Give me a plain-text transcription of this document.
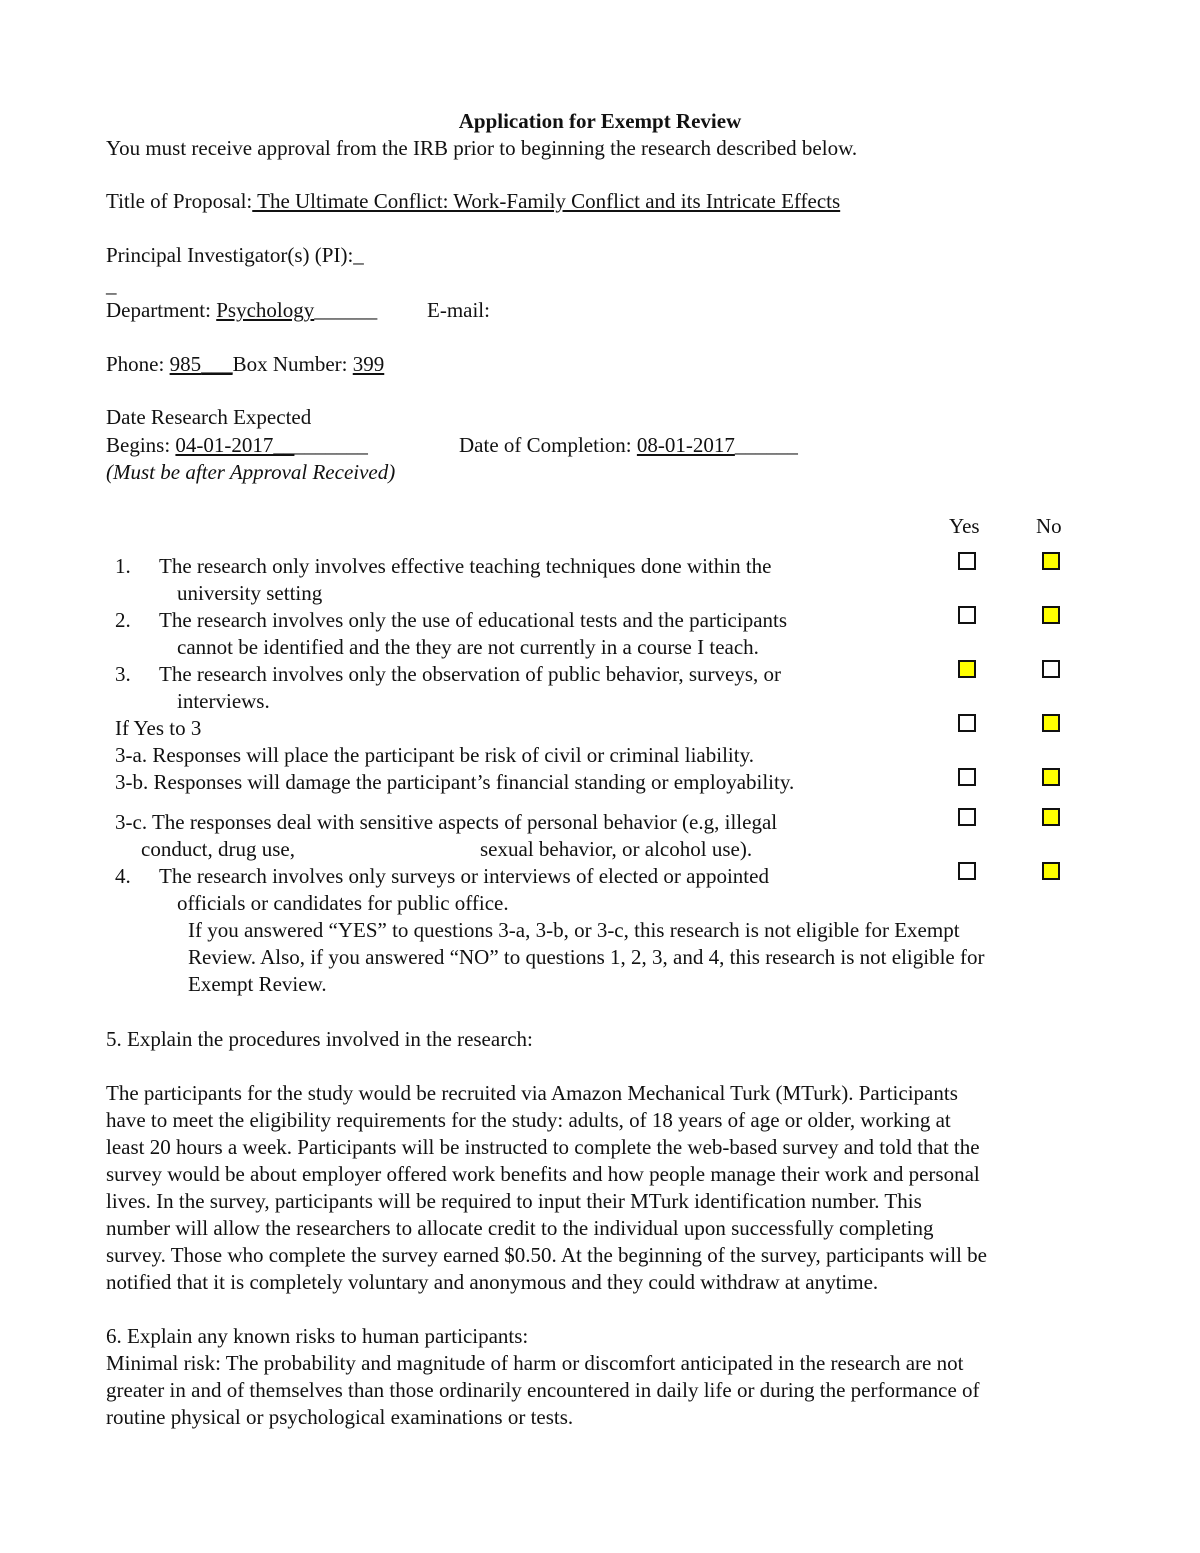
Application for Exempt Review
You must receive approval from the IRB prior to beginning the research described below.
Title of Proposal: The Ultimate Conflict: Work-Family Conflict and its Intricate Effects
Principal Investigator(s) (PI):_
_
Department: Psychology______ E-mail:
Phone: 985___Box Number: 399
Date Research Expected
Begins: 04-01-2017_________	Date of Completion: 08-01-2017______
(Must be after Approval Received)
Yes	No
1. The research only involves effective teaching techniques done within the
university setting
2. The research involves only the use of educational tests and the participants
cannot be identified and the they are not currently in a course I teach.
3. The research involves only the observation of public behavior, surveys, or
interviews.
If Yes to 3
3-a. Responses will place the participant be risk of civil or criminal liability.
3-b. Responses will damage the participant’s financial standing or employability.
3-c. The responses deal with sensitive aspects of personal behavior (e.g, illegal
conduct, drug use,	sexual behavior, or alcohol use).
4. The research involves only surveys or interviews of elected or appointed
officials or candidates for public office.
If you answered “YES” to questions 3-a, 3-b, or 3-c, this research is not eligible for Exempt
Review. Also, if you answered “NO” to questions 1, 2, 3, and 4, this research is not eligible for
Exempt Review.
5. Explain the procedures involved in the research:
The participants for the study would be recruited via Amazon Mechanical Turk (MTurk). Participants
have to meet the eligibility requirements for the study: adults, of 18 years of age or older, working at
least 20 hours a week. Participants will be instructed to complete the web-based survey and told that the
survey would be about employer offered work benefits and how people manage their work and personal
lives. In the survey, participants will be required to input their MTurk identification number. This
number will allow the researchers to allocate credit to the individual upon successfully completing
survey. Those who complete the survey earned $0.50. At the beginning of the survey, participants will be
notified that it is completely voluntary and anonymous and they could withdraw at anytime.
6. Explain any known risks to human participants:
Minimal risk: The probability and magnitude of harm or discomfort anticipated in the research are not
greater in and of themselves than those ordinarily encountered in daily life or during the performance of
routine physical or psychological examinations or tests.
